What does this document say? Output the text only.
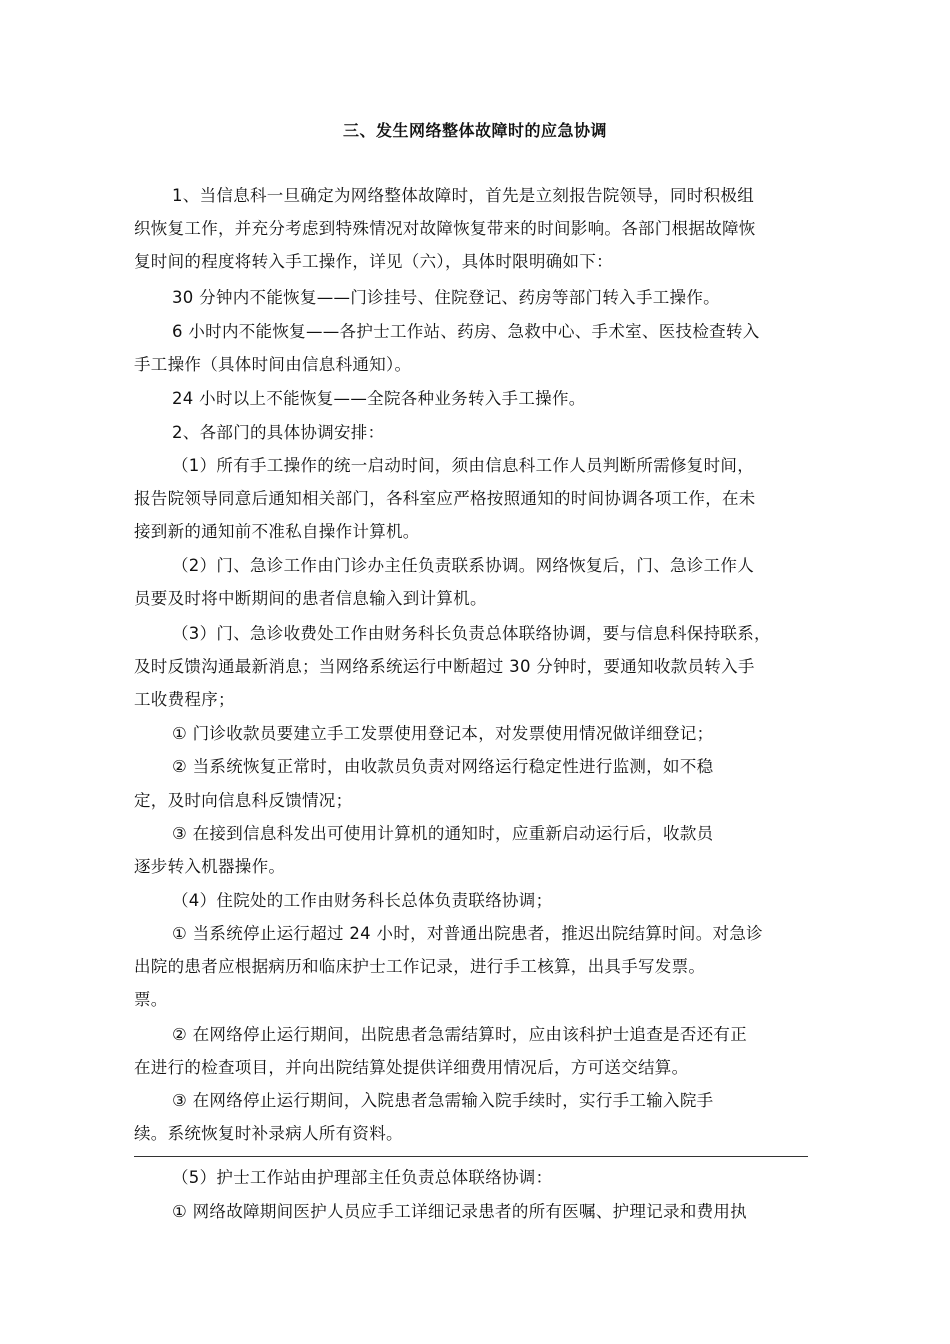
三、发生网络整体故障时的应急协调
1、当信息科一旦确定为网络整体故障时，首先是立刻报告院领导，同时积极组
织恢复工作，并充分考虑到特殊情况对故障恢复带来的时间影响。各部门根据故障恢
复时间的程度将转入手工操作，详见（六），具体时限明确如下：
30 分钟内不能恢复——门诊挂号、住院登记、药房等部门转入手工操作。
6 小时内不能恢复——各护士工作站、药房、急救中心、手术室、医技检查转入
手工操作（具体时间由信息科通知）。
24 小时以上不能恢复——全院各种业务转入手工操作。
2、各部门的具体协调安排：
（1）所有手工操作的统一启动时间，须由信息科工作人员判断所需修复时间，
报告院领导同意后通知相关部门，各科室应严格按照通知的时间协调各项工作，在未
接到新的通知前不准私自操作计算机。
（2）门、急诊工作由门诊办主任负责联系协调。网络恢复后，门、急诊工作人
员要及时将中断期间的患者信息输入到计算机。
（3）门、急诊收费处工作由财务科长负责总体联络协调，要与信息科保持联系，
及时反馈沟通最新消息；当网络系统运行中断超过 30 分钟时，要通知收款员转入手
工收费程序；
① 门诊收款员要建立手工发票使用登记本，对发票使用情况做详细登记；
② 当系统恢复正常时，由收款员负责对网络运行稳定性进行监测，如不稳
定，及时向信息科反馈情况；
③ 在接到信息科发出可使用计算机的通知时，应重新启动运行后，收款员
逐步转入机器操作。
（4）住院处的工作由财务科长总体负责联络协调；
① 当系统停止运行超过 24 小时，对普通出院患者，推迟出院结算时间。对急诊
出院的患者应根据病历和临床护士工作记录，进行手工核算，出具手写发票。
票。
② 在网络停止运行期间，出院患者急需结算时，应由该科护士追查是否还有正
在进行的检查项目，并向出院结算处提供详细费用情况后，方可送交结算。
③ 在网络停止运行期间，入院患者急需输入院手续时，实行手工输入院手
续。系统恢复时补录病人所有资料。
（5）护士工作站由护理部主任负责总体联络协调：
① 网络故障期间医护人员应手工详细记录患者的所有医嘱、护理记录和费用执
